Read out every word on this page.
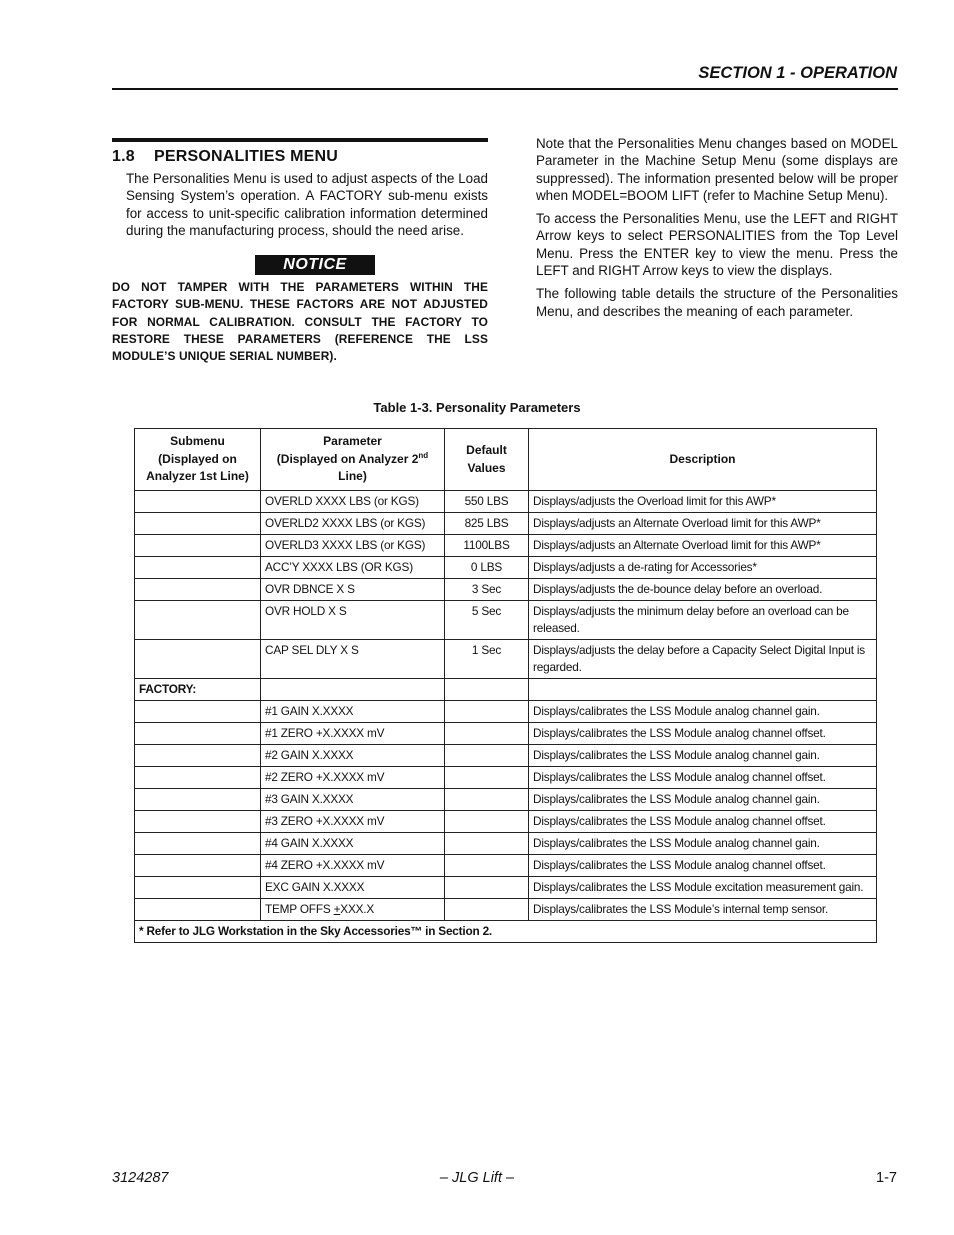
SECTION 1 - OPERATION
1.8 PERSONALITIES MENU
The Personalities Menu is used to adjust aspects of the Load Sensing System’s operation. A FACTORY sub-menu exists for access to unit-specific calibration information determined during the manufacturing process, should the need arise.
NOTICE
DO NOT TAMPER WITH THE PARAMETERS WITHIN THE FACTORY SUB-MENU. THESE FACTORS ARE NOT ADJUSTED FOR NORMAL CALIBRATION. CONSULT THE FACTORY TO RESTORE THESE PARAMETERS (REFERENCE THE LSS MODULE’S UNIQUE SERIAL NUMBER).

Note that the Personalities Menu changes based on MODEL Parameter in the Machine Setup Menu (some displays are suppressed). The information presented below will be proper when MODEL=BOOM LIFT (refer to Machine Setup Menu).

To access the Personalities Menu, use the LEFT and RIGHT Arrow keys to select PERSONALITIES from the Top Level Menu. Press the ENTER key to view the menu. Press the LEFT and RIGHT Arrow keys to view the displays.

The following table details the structure of the Personalities Menu, and describes the meaning of each parameter.

Table 1-3. Personality Parameters
Submenu (Displayed on Analyzer 1st Line)	Parameter
(Displayed on Analyzer 2nd Line)	Default Values	Description
	OVERLD XXXX LBS (or KGS)	550 LBS	Displays/adjusts the Overload limit for this AWP*
	OVERLD2 XXXX LBS (or KGS)	825 LBS	Displays/adjusts an Alternate Overload limit for this AWP*
	OVERLD3 XXXX LBS (or KGS)	1100LBS	Displays/adjusts an Alternate Overload limit for this AWP*
	ACC’Y XXXX LBS (OR KGS)	0 LBS	Displays/adjusts a de-rating for Accessories*
	OVR DBNCE X S	3 Sec	Displays/adjusts the de-bounce delay before an overload.
	OVR HOLD X S	5 Sec	Displays/adjusts the minimum delay before an overload can be released.
	CAP SEL DLY X S	1 Sec	Displays/adjusts the delay before a Capacity Select Digital Input is regarded.
FACTORY:			
	#1 GAIN X.XXXX		Displays/calibrates the LSS Module analog channel gain.
	#1 ZERO +X.XXXX mV		Displays/calibrates the LSS Module analog channel offset.
	#2 GAIN X.XXXX		Displays/calibrates the LSS Module analog channel gain.
	#2 ZERO +X.XXXX mV		Displays/calibrates the LSS Module analog channel offset.
	#3 GAIN X.XXXX		Displays/calibrates the LSS Module analog channel gain.
	#3 ZERO +X.XXXX mV		Displays/calibrates the LSS Module analog channel offset.
	#4 GAIN X.XXXX		Displays/calibrates the LSS Module analog channel gain.
	#4 ZERO +X.XXXX mV		Displays/calibrates the LSS Module analog channel offset.
	EXC GAIN X.XXXX		Displays/calibrates the LSS Module excitation measurement gain.
	TEMP OFFS +XXX.X		Displays/calibrates the LSS Module’s internal temp sensor.
* Refer to JLG Workstation in the Sky Accessories™ in Section 2.			
3124287	– JLG Lift –	1-7
